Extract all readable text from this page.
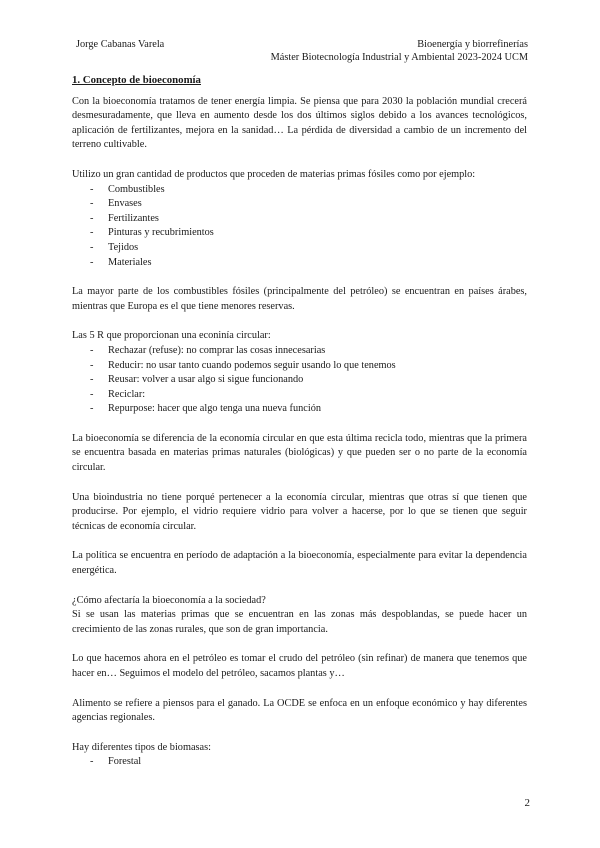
Jorge Cabanas Varela	Bioenergía y biorrefinerías
Máster Biotecnología Industrial y Ambiental 2023-2024 UCM
1. Concepto de bioeconomía

Con la bioeconomía tratamos de tener energía limpia. Se piensa que para 2030 la población mundial crecerá desmesuradamente, que lleva en aumento desde los dos últimos siglos debido a los avances tecnológicos, aplicación de fertilizantes, mejora en la sanidad… La pérdida de diversidad a cambio de un incremento del terreno cultivable.

Utilizo un gran cantidad de productos que proceden de materias primas fósiles como por ejemplo:

- Combustibles
- Envases
- Fertilizantes
- Pinturas y recubrimientos
- Tejidos
- Materiales

La mayor parte de los combustibles fósiles (principalmente del petróleo) se encuentran en países árabes, mientras que Europa es el que tiene menores reservas.

Las 5 R que proporcionan una econinía circular:

- Rechazar (refuse): no comprar las cosas innecesarias
- Reducir: no usar tanto cuando podemos seguir usando lo que tenemos
- Reusar: volver a usar algo si sigue funcionando
- Reciclar:
- Repurpose: hacer que algo tenga una nueva función

La bioeconomía se diferencia de la economía circular en que esta última recicla todo, mientras que la primera se encuentra basada en materias primas naturales (biológicas) y que pueden ser o no parte de la economía circular.

Una bioindustria no tiene porqué pertenecer a la economía circular, mientras que otras sí que tienen que producirse. Por ejemplo, el vidrio requiere vidrio para volver a hacerse, por lo que se tienen que seguir técnicas de economía circular.

La política se encuentra en período de adaptación a la bioeconomía, especialmente para evitar la dependencia energética.

¿Cómo afectaría la bioeconomía a la sociedad?

Si se usan las materias primas que se encuentran en las zonas más despoblandas, se puede hacer un crecimiento de las zonas rurales, que son de gran importancia.

Lo que hacemos ahora en el petróleo es tomar el crudo del petróleo (sin refinar) de manera que tenemos que hacer en… Seguimos el modelo del petróleo, sacamos plantas y…

Alimento se refiere a piensos para el ganado. La OCDE se enfoca en un enfoque económico y hay diferentes agencias regionales.

Hay diferentes tipos de biomasas:

- Forestal
2
